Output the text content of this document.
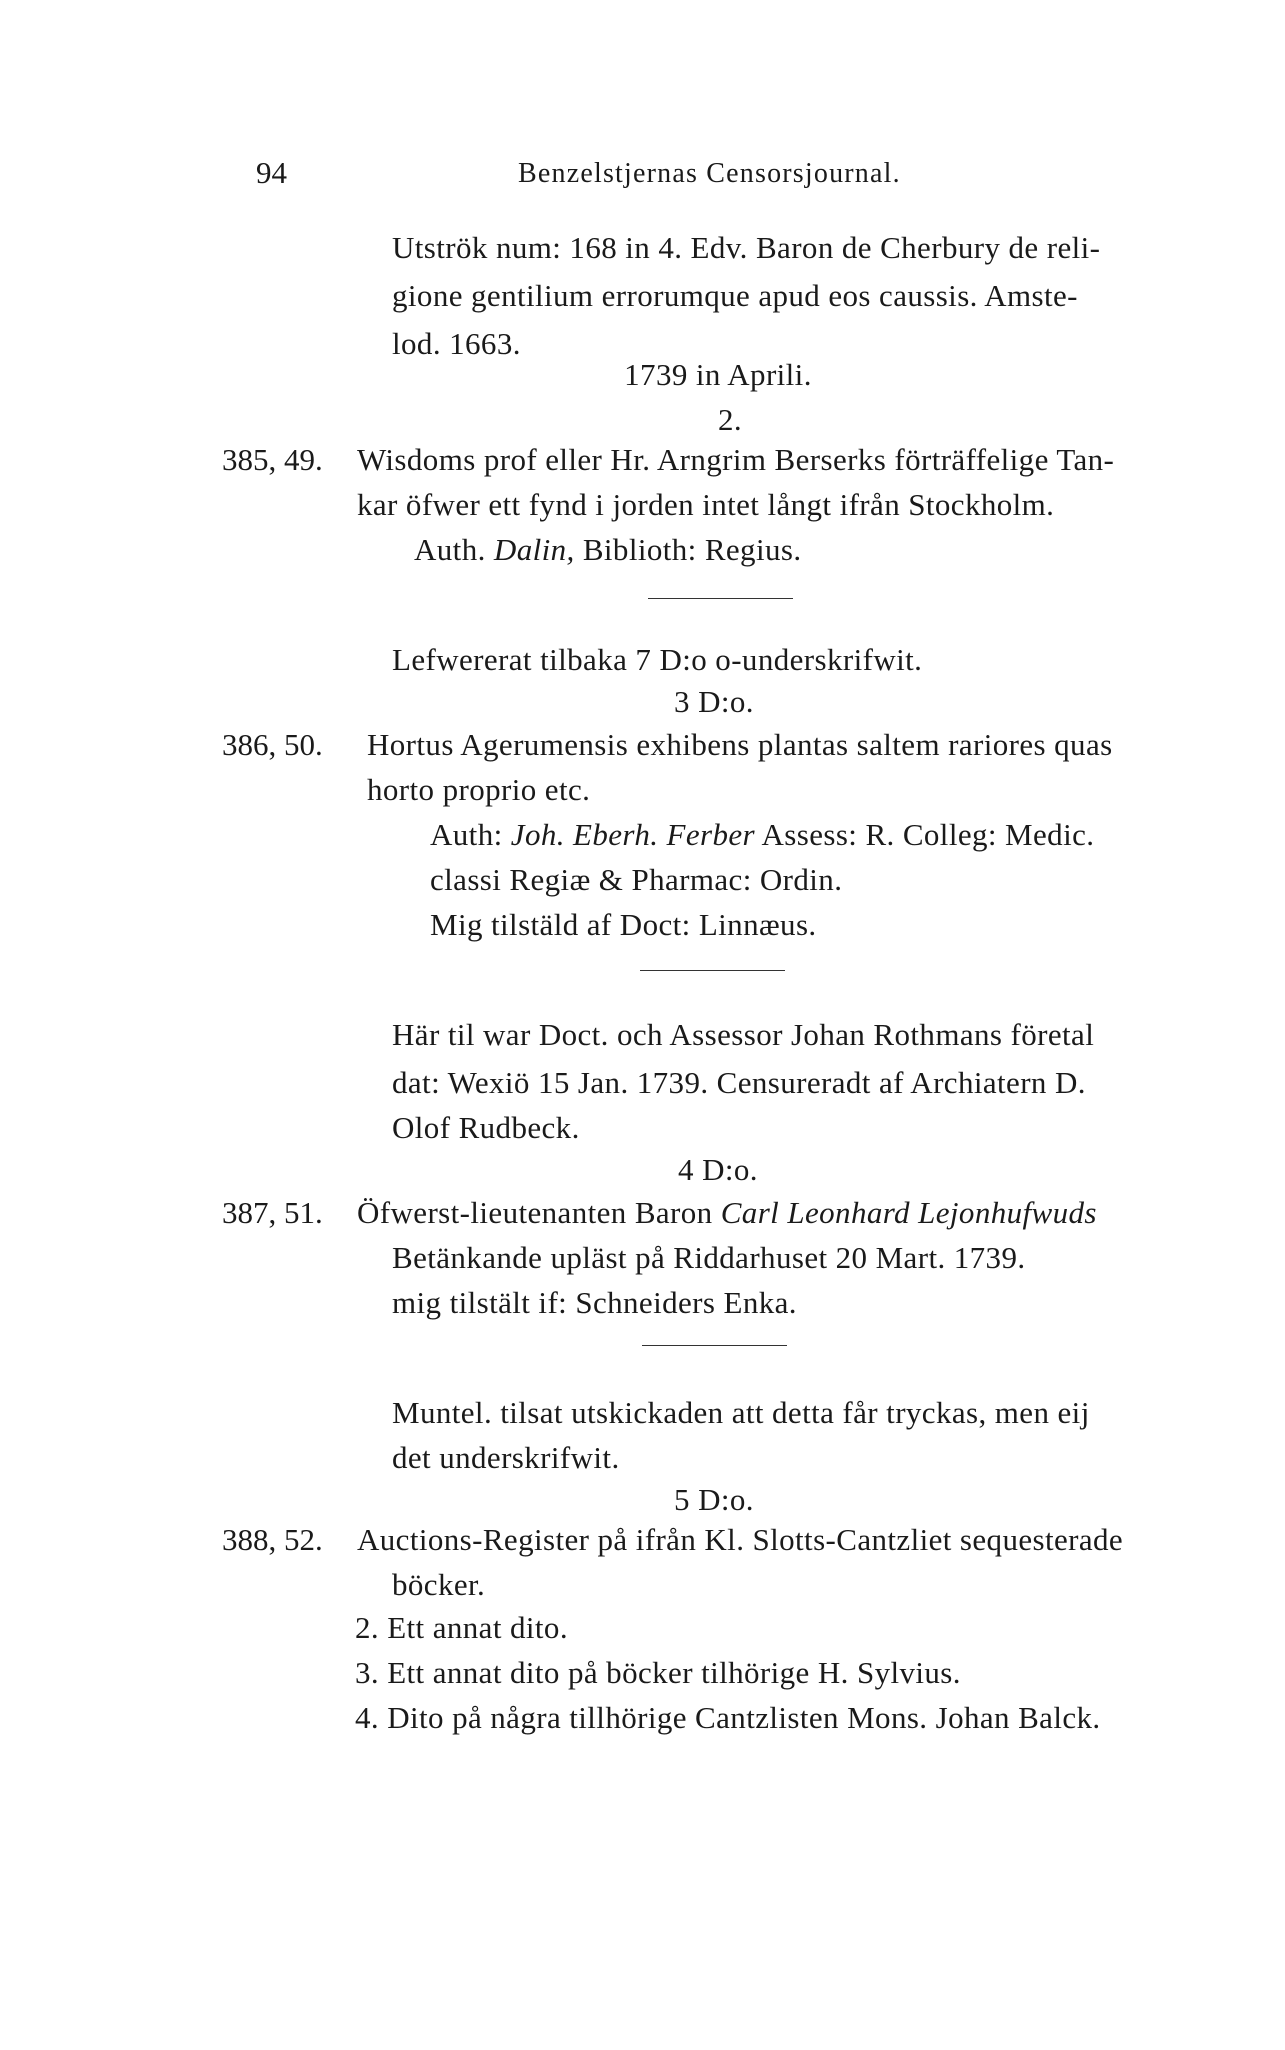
94	Benzelstjernas Censorsjournal.
Utströk num: 168 in 4. Edv. Baron de Cherbury de reli-
gione gentilium errorumque apud eos caussis. Amste-
lod. 1663.
1739 in Aprili.
2.
385, 49. Wisdoms prof eller Hr. Arngrim Berserks förträffelige Tan-
kar öfwer ett fynd i jorden intet långt ifrån Stockholm.
Auth. Dalin, Biblioth: Regius.
Lefwererat tilbaka 7 D:o o-underskrifwit.
3 D:o.
386, 50. Hortus Agerumensis exhibens plantas saltem rariores quas
horto proprio etc.
Auth: Joh. Eberh. Ferber Assess: R. Colleg: Medic.
classi Regiæ & Pharmac: Ordin.
Mig tilstäld af Doct: Linnæus.
Här til war Doct. och Assessor Johan Rothmans företal
dat: Wexiö 15 Jan. 1739. Censureradt af Archiatern D.
Olof Rudbeck.
4 D:o.
387, 51. Öfwerst-lieutenanten Baron Carl Leonhard Lejonhufwuds
Betänkande upläst på Riddarhuset 20 Mart. 1739.
mig tilstält if: Schneiders Enka.
Muntel. tilsat utskickaden att detta får tryckas, men eij
det underskrifwit.
5 D:o.
388, 52. Auctions-Register på ifrån Kl. Slotts-Cantzliet sequesterade
böcker.
2. Ett annat dito.
3. Ett annat dito på böcker tilhörige H. Sylvius.
4. Dito på några tillhörige Cantzlisten Mons. Johan Balck.
